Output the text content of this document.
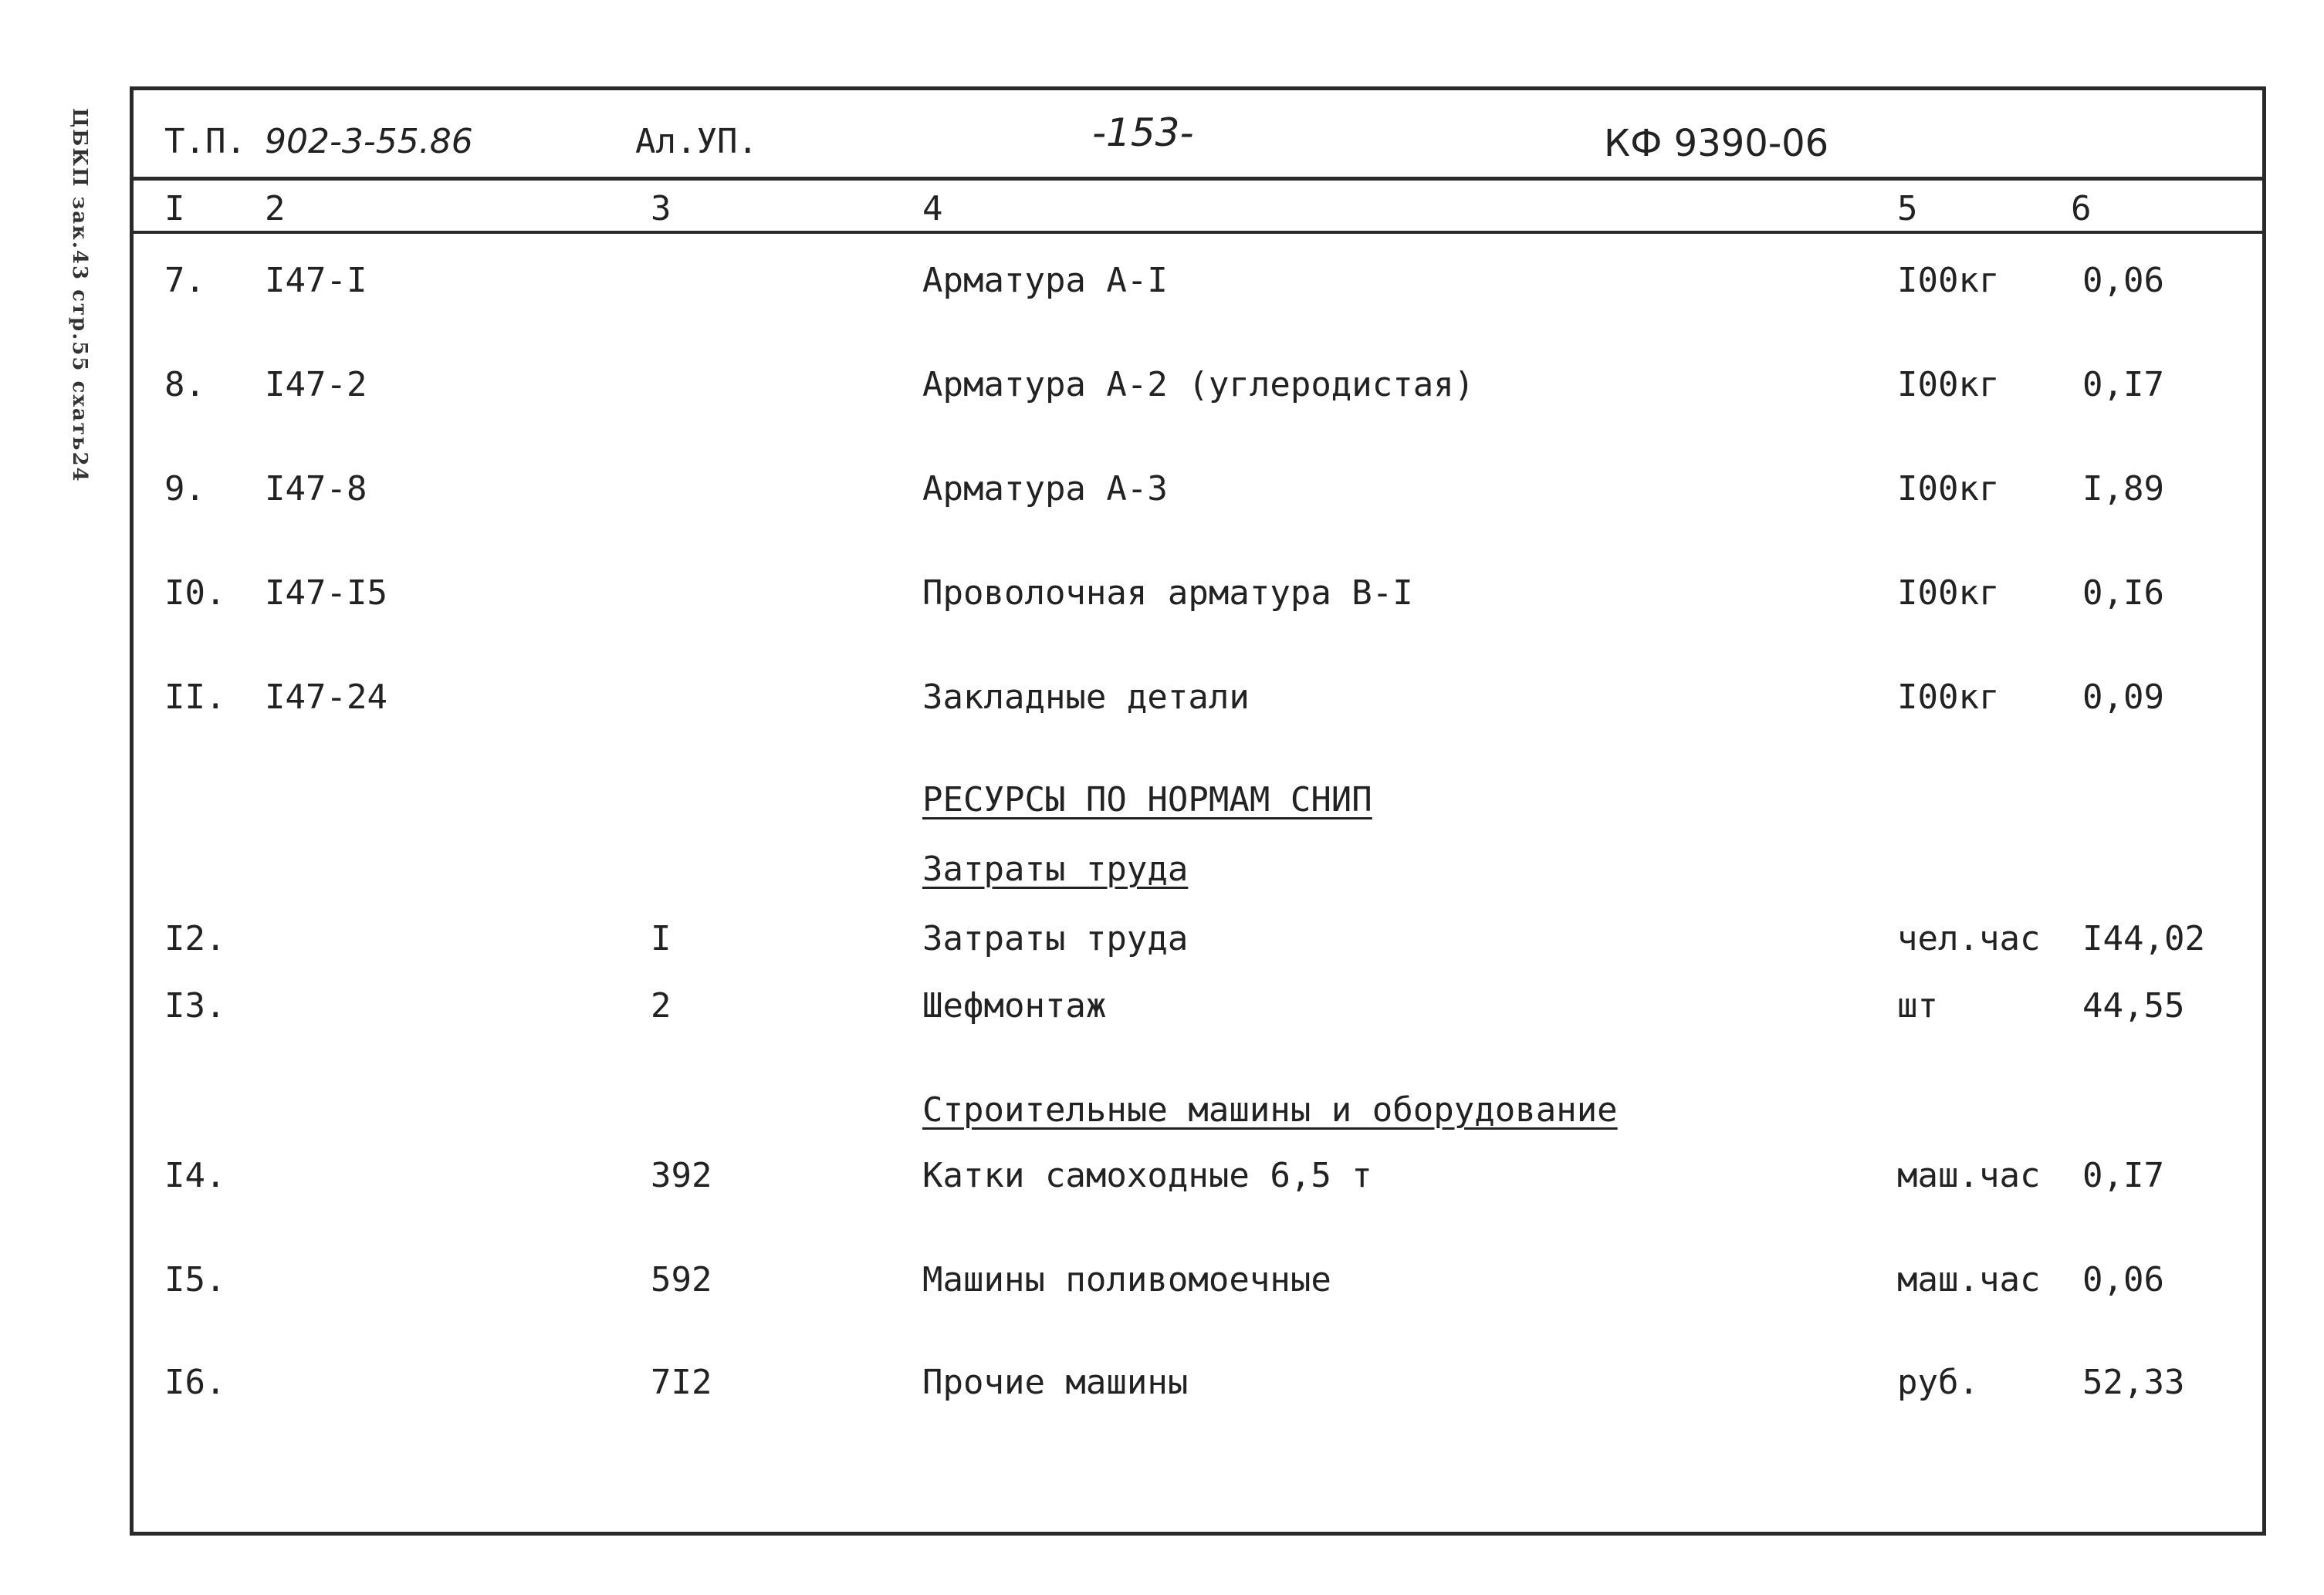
ЦБКП зак.43 стр.55 схать24 Т.П. 902-3-55.86	Ал.УП.	-153-	КФ 9390-06
I 2	3	4	5	6
7. I47-I	Арматура А-I	I00кг 0,06
8. I47-2	Арматура А-2 (углеродистая)	I00кг 0,I7
9. I47-8	Арматура А-3	I00кг I,89
I0. I47-I5	Проволочная арматура В-I	I00кг 0,I6
II. I47-24	Закладные детали	I00кг 0,09
РЕСУРСЫ ПО НОРМАМ СНИП
Затраты труда
I2.	I	Затраты труда	чел.час I44,02
I3.	2	Шефмонтаж	шт	44,55
Строительные машины и оборудование
I4.	392	Катки самоходные 6,5 т	маш.час 0,I7
I5.	592	Машины поливомоечные	маш.час 0,06
I6.	7I2	Прочие машины	руб.	52,33
